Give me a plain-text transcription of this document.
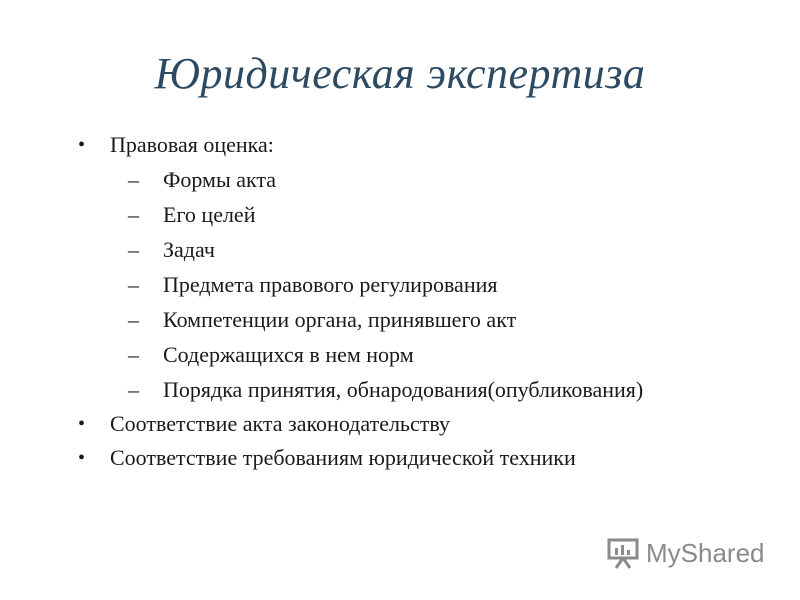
Юридическая экспертиза
• Правовая оценка:
– Формы акта
– Его целей
– Задач
– Предмета правового регулирования
– Компетенции органа, принявшего акт
– Содержащихся в нем норм
– Порядка принятия, обнародования(опубликования)
• Соответствие акта законодательству
• Соответствие требованиям юридической техники
MyShared
